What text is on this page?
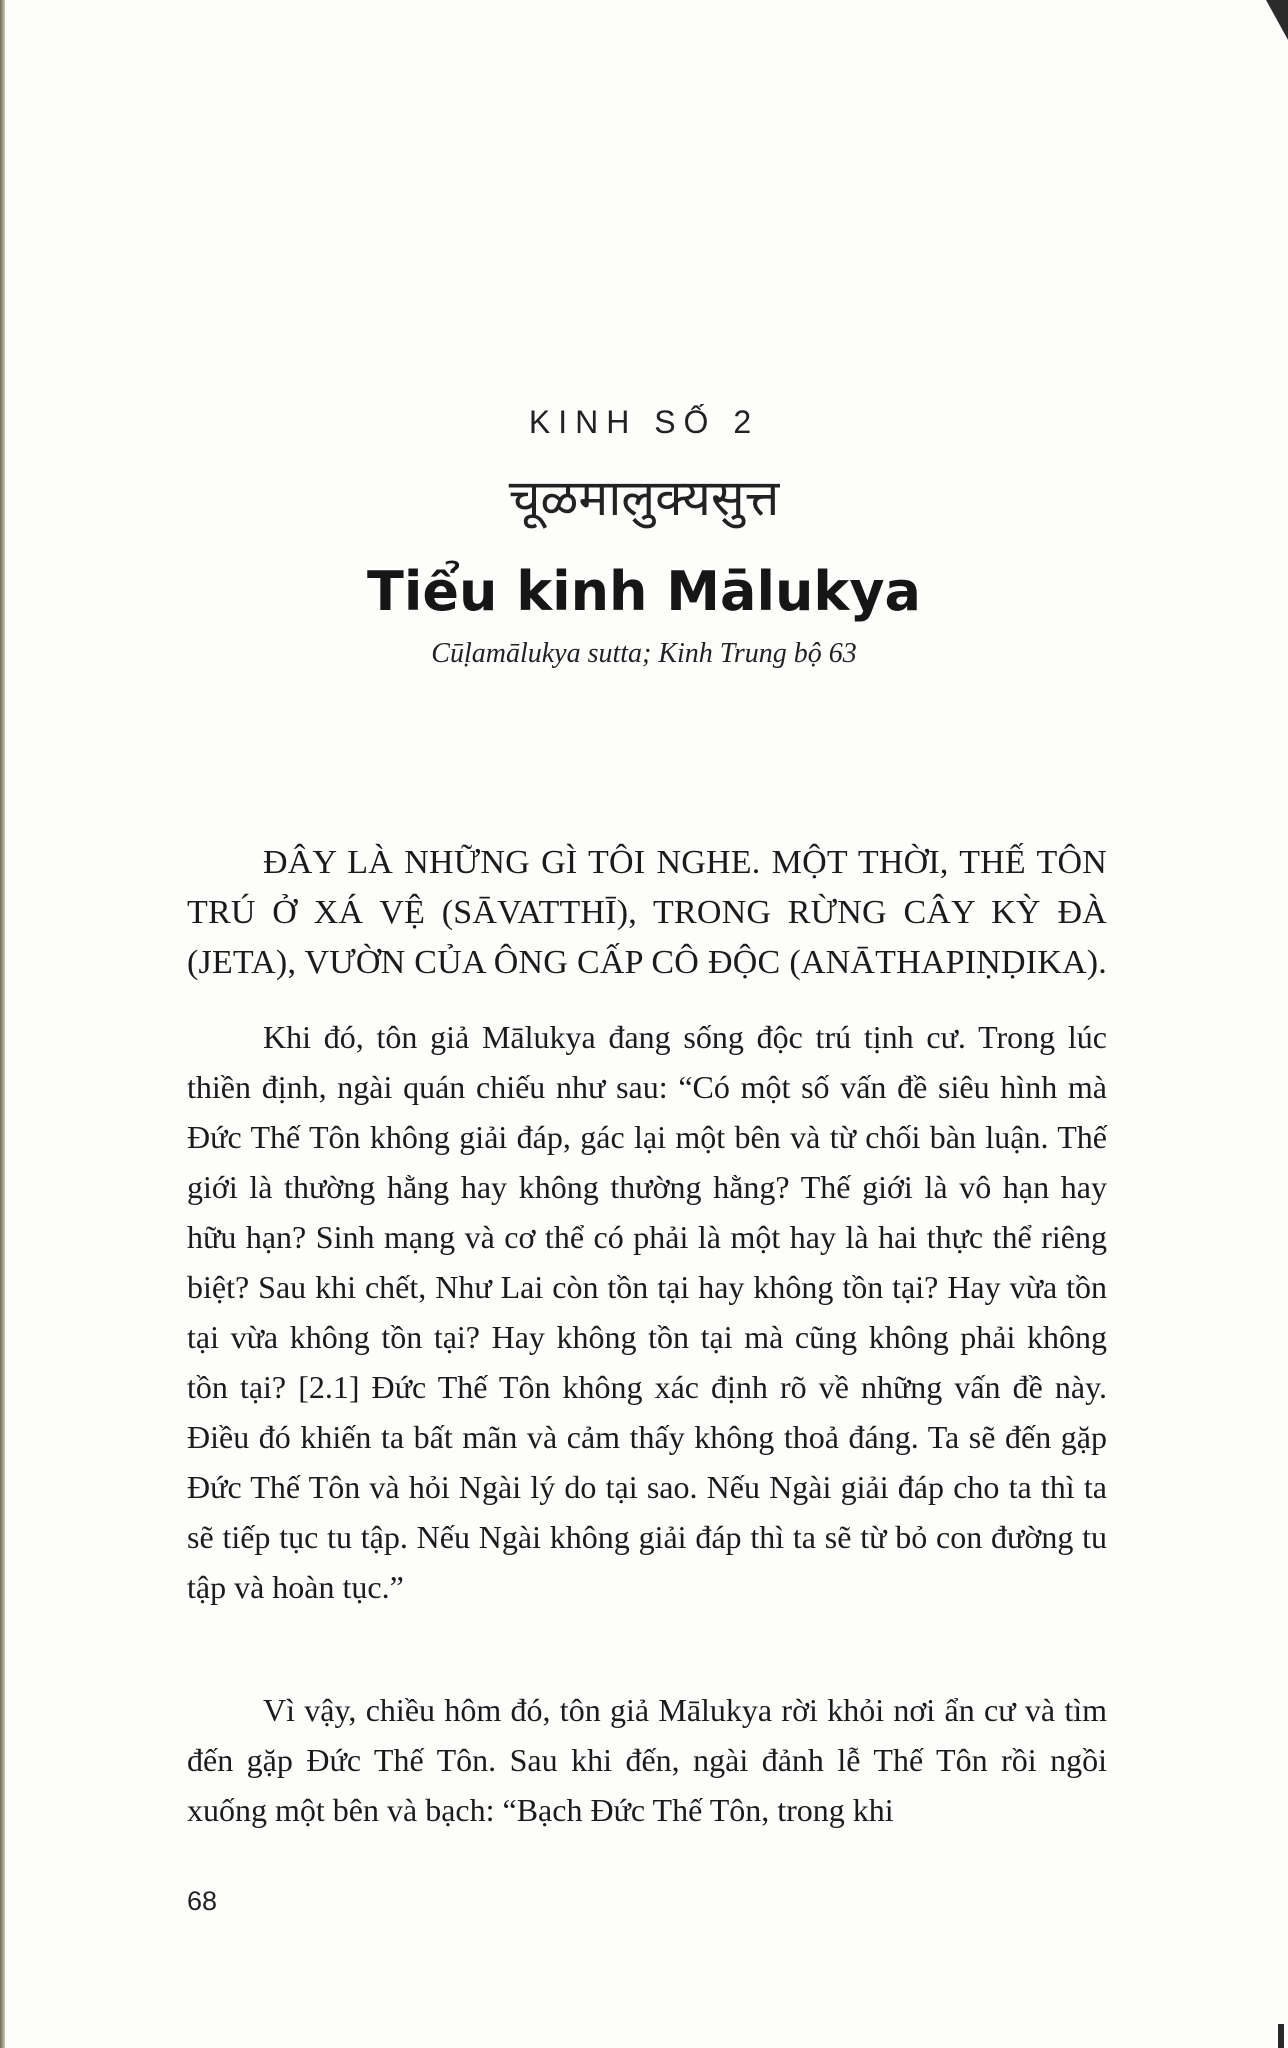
KINH SỐ 2
चूळमालुक्यसुत्त
Tiểu kinh Mālukya
Cūḷamālukya sutta; Kinh Trung bộ 63

ĐÂY LÀ NHỮNG GÌ TÔI NGHE. MỘT THỜI, THẾ TÔN TRÚ Ở XÁ VỆ (SĀVATTHĪ), TRONG RỪNG CÂY KỲ ĐÀ (JETA), VƯỜN CỦA ÔNG CẤP CÔ ĐỘC (ANĀTHAPIṆḌIKA).

Khi đó, tôn giả Mālukya đang sống độc trú tịnh cư. Trong lúc thiền định, ngài quán chiếu như sau: “Có một số vấn đề siêu hình mà Đức Thế Tôn không giải đáp, gác lại một bên và từ chối bàn luận. Thế giới là thường hằng hay không thường hằng? Thế giới là vô hạn hay hữu hạn? Sinh mạng và cơ thể có phải là một hay là hai thực thể riêng biệt? Sau khi chết, Như Lai còn tồn tại hay không tồn tại? Hay vừa tồn tại vừa không tồn tại? Hay không tồn tại mà cũng không phải không tồn tại? [2.1] Đức Thế Tôn không xác định rõ về những vấn đề này. Điều đó khiến ta bất mãn và cảm thấy không thoả đáng. Ta sẽ đến gặp Đức Thế Tôn và hỏi Ngài lý do tại sao. Nếu Ngài giải đáp cho ta thì ta sẽ tiếp tục tu tập. Nếu Ngài không giải đáp thì ta sẽ từ bỏ con đường tu tập và hoàn tục.”

Vì vậy, chiều hôm đó, tôn giả Mālukya rời khỏi nơi ẩn cư và tìm đến gặp Đức Thế Tôn. Sau khi đến, ngài đảnh lễ Thế Tôn rồi ngồi xuống một bên và bạch: “Bạch Đức Thế Tôn, trong khi

68
